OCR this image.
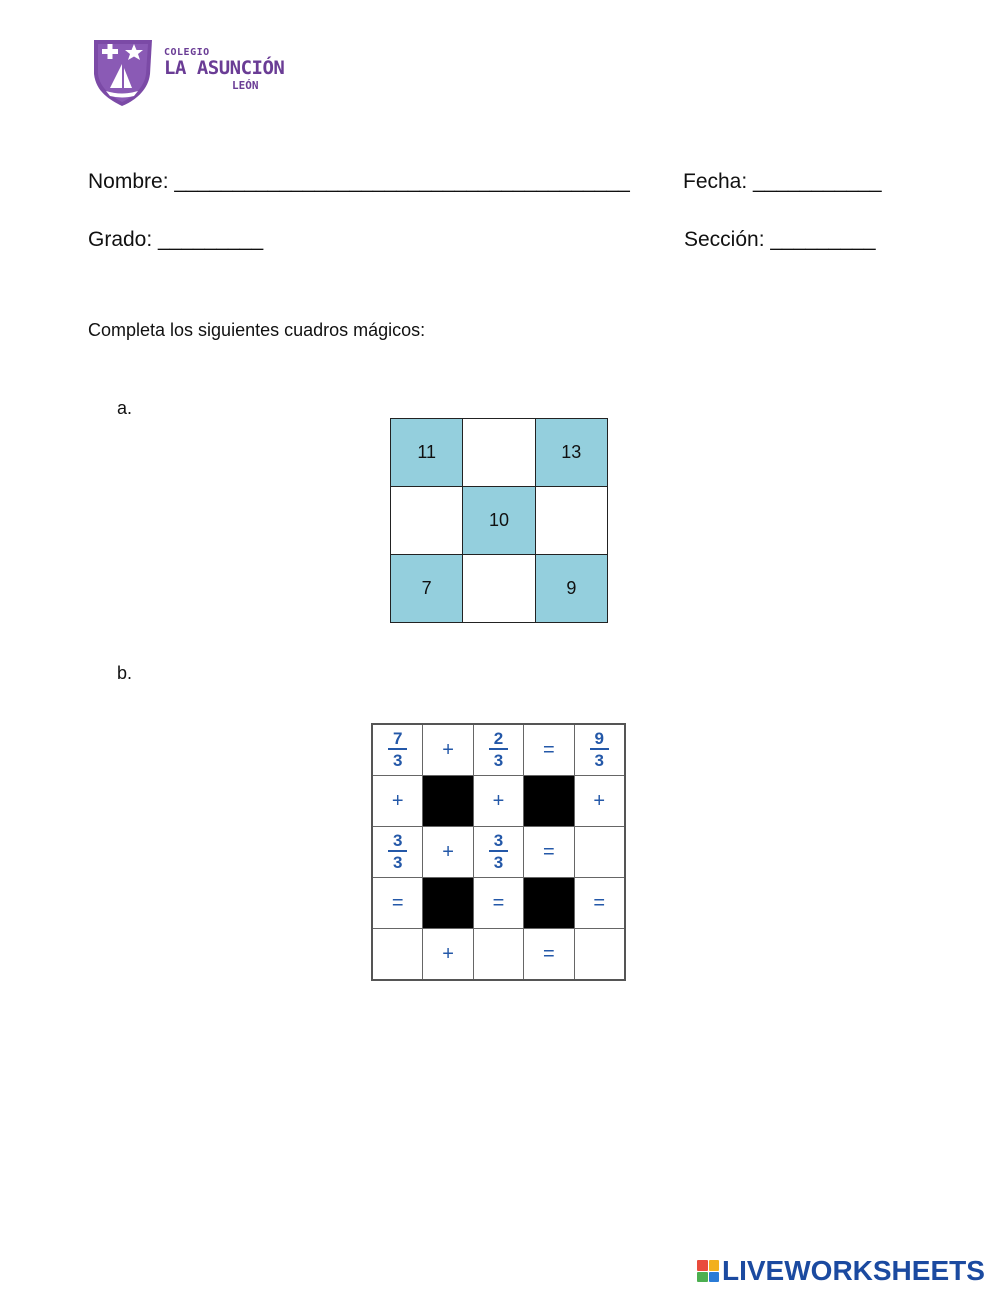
COLEGIO
LA ASUNCIÓN
LEÓN
Nombre: _______________________________________	Fecha: ___________
Grado: _________	Sección: _________
Completa los siguientes cuadros mágicos:
a.
11		13
	10	
7		9
b.
$\frac{7}{3}$	+	$\frac{2}{3}$	=	$\frac{9}{3}$

+		+		+

$\frac{3}{3}$	+	$\frac{3}{3}$	=	
=		=		=
	+		=	
LIVEWORKSHEETS
